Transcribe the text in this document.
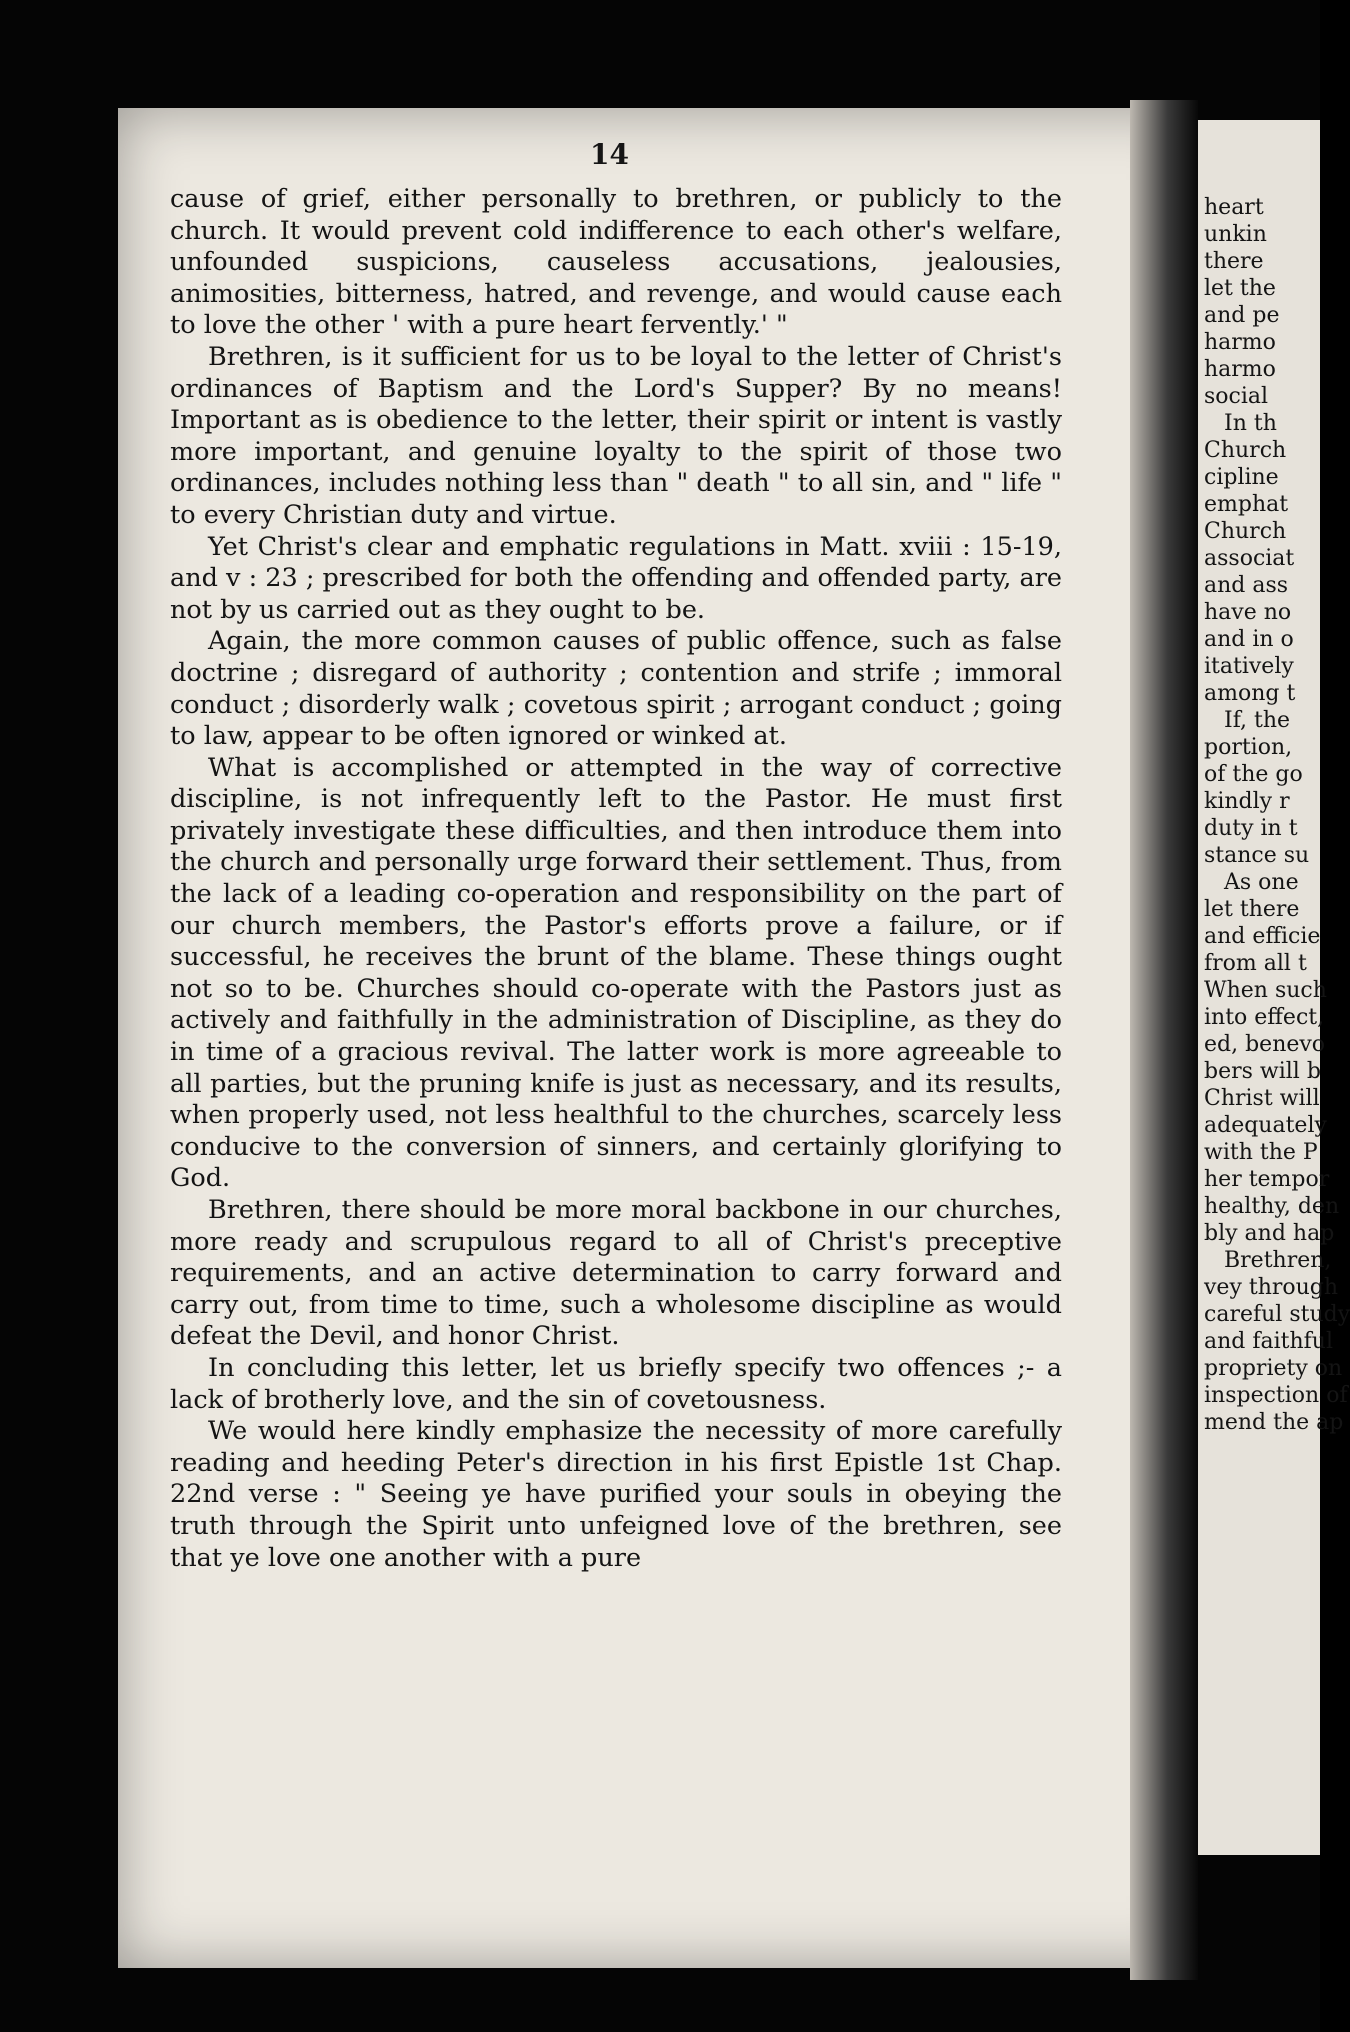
14

cause of grief, either personally to brethren, or publicly to the church. It would prevent cold indifference to each other's welfare, unfounded suspicions, causeless accusations, jealousies, animosities, bitterness, hatred, and revenge, and would cause each to love the other ' with a pure heart fervently.' "

Brethren, is it sufficient for us to be loyal to the letter of Christ's ordinances of Baptism and the Lord's Supper? By no means! Important as is obedience to the letter, their spirit or intent is vastly more important, and genuine loyalty to the spirit of those two ordinances, includes nothing less than " death " to all sin, and " life " to every Christian duty and virtue.

Yet Christ's clear and emphatic regulations in Matt. xviii : 15-19, and v : 23 ; prescribed for both the offending and offended party, are not by us carried out as they ought to be.

Again, the more common causes of public offence, such as false doctrine ; disregard of authority ; contention and strife ; immoral conduct ; disorderly walk ; covetous spirit ; arrogant conduct ; going to law, appear to be often ignored or winked at.

What is accomplished or attempted in the way of corrective discipline, is not infrequently left to the Pastor. He must first privately investigate these difficulties, and then introduce them into the church and personally urge forward their settlement. Thus, from the lack of a leading co-operation and responsibility on the part of our church members, the Pastor's efforts prove a failure, or if successful, he receives the brunt of the blame. These things ought not so to be. Churches should co-operate with the Pastors just as actively and faithfully in the administration of Discipline, as they do in time of a gracious revival. The latter work is more agreeable to all parties, but the pruning knife is just as necessary, and its results, when properly used, not less healthful to the churches, scarcely less conducive to the conversion of sinners, and certainly glorifying to God.

Brethren, there should be more moral backbone in our churches, more ready and scrupulous regard to all of Christ's preceptive requirements, and an active determination to carry forward and carry out, from time to time, such a wholesome discipline as would defeat the Devil, and honor Christ.

In concluding this letter, let us briefly specify two offences ;- a lack of brotherly love, and the sin of covetousness.

We would here kindly emphasize the necessity of more carefully reading and heeding Peter's direction in his first Epistle 1st Chap. 22nd verse : " Seeing ye have purified your souls in obeying the truth through the Spirit unto unfeigned love of the brethren, see that ye love one another with a pure

heart
unkin
there
let the
and pe
harmo
harmo
social
In th
Church
cipline
emphat
Church
associat
and ass
have no
and in o
itatively
among t
If, the
portion,
of the go
kindly r
duty in t
stance su
As one
let there
and efficie
from all t
When such
into effect,
ed, benevo
bers will b
Christ will
adequately
with the P
her tempor
healthy, den
bly and hap
Brethren,
vey through
careful study
and faithful
propriety on
inspection of
mend the ap
